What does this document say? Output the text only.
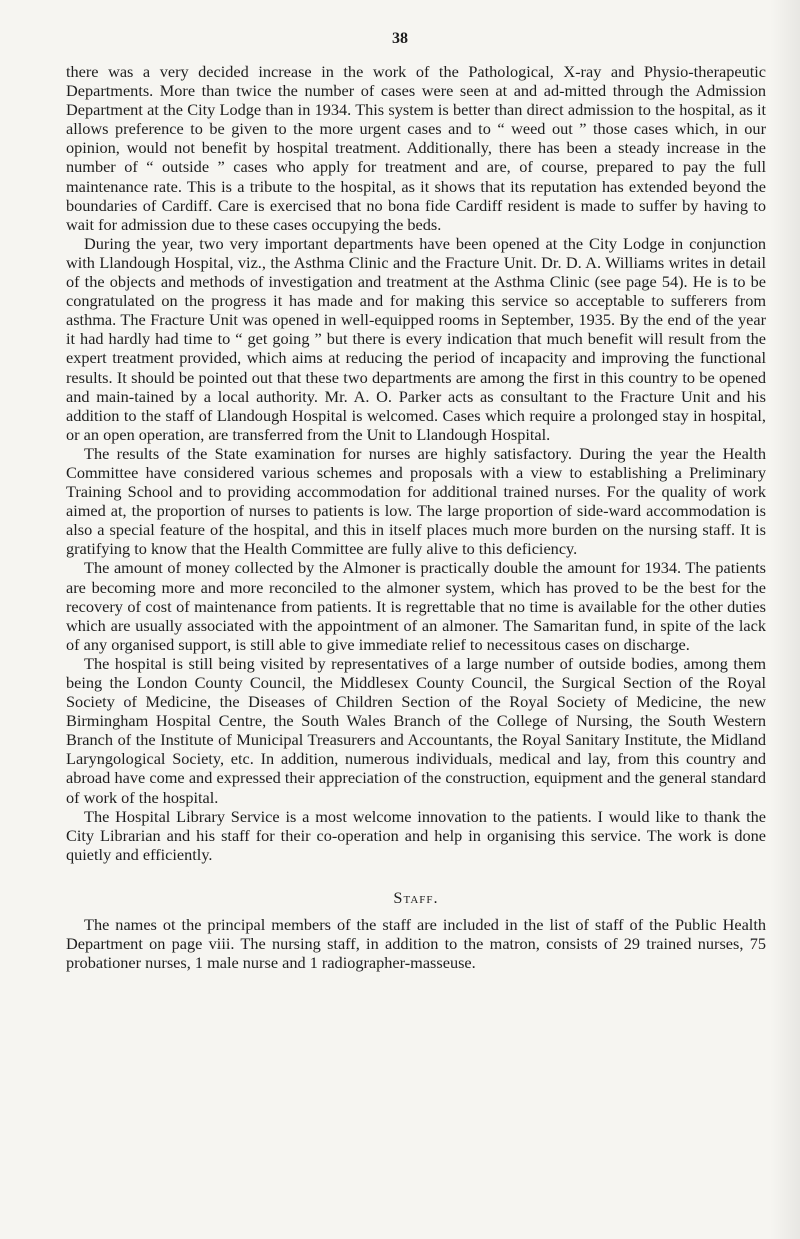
38

there was a very decided increase in the work of the Pathological, X-ray and Physio-therapeutic Departments. More than twice the number of cases were seen at and ad-mitted through the Admission Department at the City Lodge than in 1934. This system is better than direct admission to the hospital, as it allows preference to be given to the more urgent cases and to “ weed out ” those cases which, in our opinion, would not benefit by hospital treatment. Additionally, there has been a steady increase in the number of “ outside ” cases who apply for treatment and are, of course, prepared to pay the full maintenance rate. This is a tribute to the hospital, as it shows that its reputation has extended beyond the boundaries of Cardiff. Care is exercised that no bona fide Cardiff resident is made to suffer by having to wait for admission due to these cases occupying the beds.

During the year, two very important departments have been opened at the City Lodge in conjunction with Llandough Hospital, viz., the Asthma Clinic and the Fracture Unit. Dr. D. A. Williams writes in detail of the objects and methods of investigation and treatment at the Asthma Clinic (see page 54). He is to be congratulated on the progress it has made and for making this service so acceptable to sufferers from asthma. The Fracture Unit was opened in well-equipped rooms in September, 1935. By the end of the year it had hardly had time to “ get going ” but there is every indication that much benefit will result from the expert treatment provided, which aims at reducing the period of incapacity and improving the functional results. It should be pointed out that these two departments are among the first in this country to be opened and main-tained by a local authority. Mr. A. O. Parker acts as consultant to the Fracture Unit and his addition to the staff of Llandough Hospital is welcomed. Cases which require a prolonged stay in hospital, or an open operation, are transferred from the Unit to Llandough Hospital.

The results of the State examination for nurses are highly satisfactory. During the year the Health Committee have considered various schemes and proposals with a view to establishing a Preliminary Training School and to providing accommodation for additional trained nurses. For the quality of work aimed at, the proportion of nurses to patients is low. The large proportion of side-ward accommodation is also a special feature of the hospital, and this in itself places much more burden on the nursing staff. It is gratifying to know that the Health Committee are fully alive to this deficiency.

The amount of money collected by the Almoner is practically double the amount for 1934. The patients are becoming more and more reconciled to the almoner system, which has proved to be the best for the recovery of cost of maintenance from patients. It is regrettable that no time is available for the other duties which are usually associated with the appointment of an almoner. The Samaritan fund, in spite of the lack of any organised support, is still able to give immediate relief to necessitous cases on discharge.

The hospital is still being visited by representatives of a large number of outside bodies, among them being the London County Council, the Middlesex County Council, the Surgical Section of the Royal Society of Medicine, the Diseases of Children Section of the Royal Society of Medicine, the new Birmingham Hospital Centre, the South Wales Branch of the College of Nursing, the South Western Branch of the Institute of Municipal Treasurers and Accountants, the Royal Sanitary Institute, the Midland Laryngological Society, etc. In addition, numerous individuals, medical and lay, from this country and abroad have come and expressed their appreciation of the construction, equipment and the general standard of work of the hospital.

The Hospital Library Service is a most welcome innovation to the patients. I would like to thank the City Librarian and his staff for their co-operation and help in organising this service. The work is done quietly and efficiently.

Staff.

The names ot the principal members of the staff are included in the list of staff of the Public Health Department on page viii. The nursing staff, in addition to the matron, consists of 29 trained nurses, 75 probationer nurses, 1 male nurse and 1 radiographer-masseuse.
